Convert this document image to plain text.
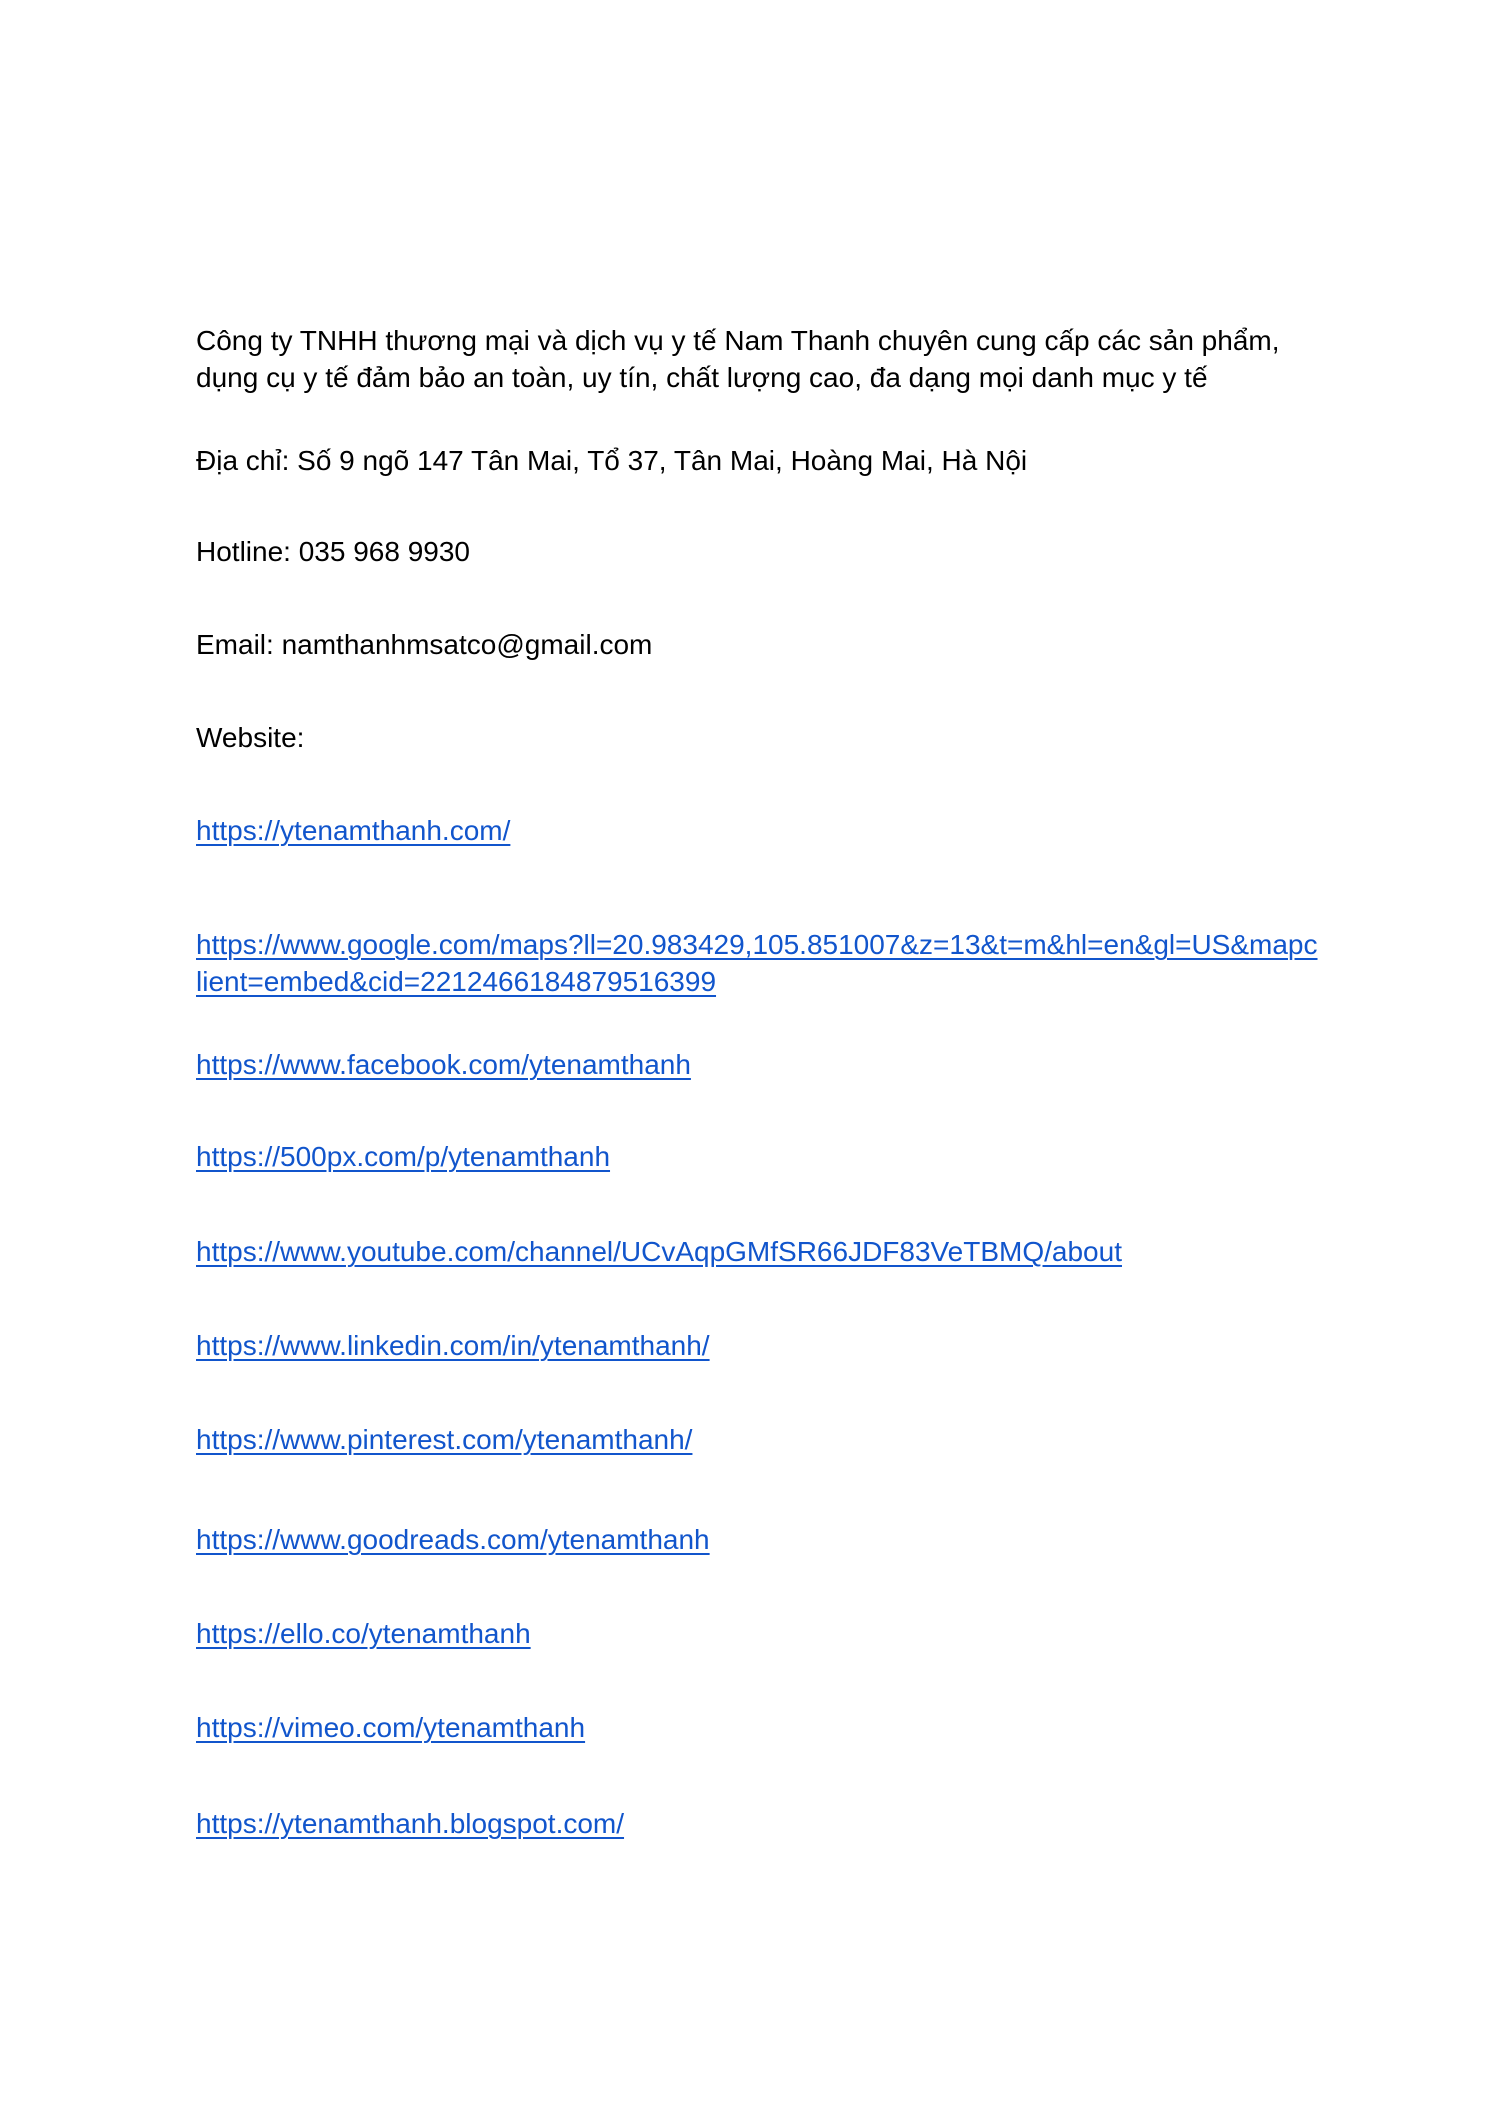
Công ty TNHH thương mại và dịch vụ y tế Nam Thanh chuyên cung cấp các sản phẩm,
dụng cụ y tế đảm bảo an toàn, uy tín, chất lượng cao, đa dạng mọi danh mục y tế
Địa chỉ: Số 9 ngõ 147 Tân Mai, Tổ 37, Tân Mai, Hoàng Mai, Hà Nội
Hotline: 035 968 9930
Email: namthanhmsatco@gmail.com
Website:
https://ytenamthanh.com/
https://www.google.com/maps?ll=20.983429,105.851007&z=13&t=m&hl=en&gl=US&mapc
lient=embed&cid=2212466184879516399
https://www.facebook.com/ytenamthanh
https://500px.com/p/ytenamthanh
https://www.youtube.com/channel/UCvAqpGMfSR66JDF83VeTBMQ/about
https://www.linkedin.com/in/ytenamthanh/
https://www.pinterest.com/ytenamthanh/
https://www.goodreads.com/ytenamthanh
https://ello.co/ytenamthanh
https://vimeo.com/ytenamthanh
https://ytenamthanh.blogspot.com/
